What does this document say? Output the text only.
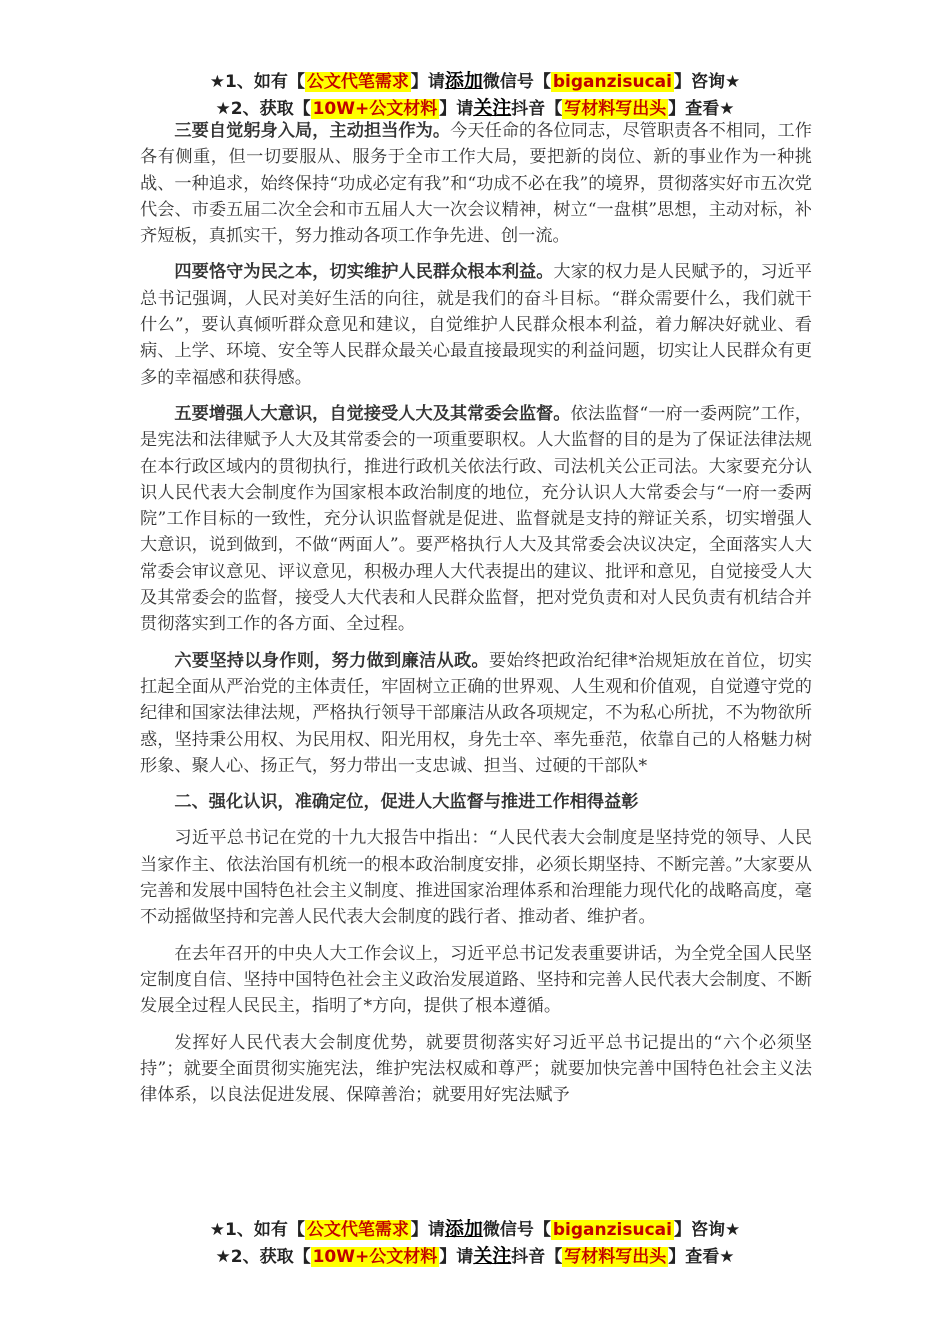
★1、如有【 公文代笔需求 】请添加微信号【 biganzisucai 】咨询★
★2、获取【 10W+公文材料 】请关注抖音【 写材料写出头 】查看★

三要自觉躬身入局，主动担当作为。今天任命的各位同志，尽管职责各不相同，工作各有侧重，但一切要服从、服务于全市工作大局，要把新的岗位、新的事业作为一种挑战、一种追求，始终保持“功成必定有我”和“功成不必在我”的境界，贯彻落实好市五次党代会、市委五届二次全会和市五届人大一次会议精神，树立“一盘棋”思想，主动对标，补齐短板，真抓实干，努力推动各项工作争先进、创一流。

四要恪守为民之本，切实维护人民群众根本利益。大家的权力是人民赋予的，习近平总书记强调，人民对美好生活的向往，就是我们的奋斗目标。“群众需要什么，我们就干什么”，要认真倾听群众意见和建议，自觉维护人民群众根本利益，着力解决好就业、看病、上学、环境、安全等人民群众最关心最直接最现实的利益问题，切实让人民群众有更多的幸福感和获得感。

五要增强人大意识，自觉接受人大及其常委会监督。依法监督“一府一委两院”工作，是宪法和法律赋予人大及其常委会的一项重要职权。人大监督的目的是为了保证法律法规在本行政区域内的贯彻执行，推进行政机关依法行政、司法机关公正司法。大家要充分认识人民代表大会制度作为国家根本政治制度的地位，充分认识人大常委会与“一府一委两院”工作目标的一致性，充分认识监督就是促进、监督就是支持的辩证关系，切实增强人大意识，说到做到，不做“两面人”。要严格执行人大及其常委会决议决定，全面落实人大常委会审议意见、评议意见，积极办理人大代表提出的建议、批评和意见，自觉接受人大及其常委会的监督，接受人大代表和人民群众监督，把对党负责和对人民负责有机结合并贯彻落实到工作的各方面、全过程。

六要坚持以身作则，努力做到廉洁从政。要始终把政治纪律*治规矩放在首位，切实扛起全面从严治党的主体责任，牢固树立正确的世界观、人生观和价值观，自觉遵守党的纪律和国家法律法规，严格执行领导干部廉洁从政各项规定，不为私心所扰，不为物欲所惑，坚持秉公用权、为民用权、阳光用权，身先士卒、率先垂范，依靠自己的人格魅力树形象、聚人心、扬正气，努力带出一支忠诚、担当、过硬的干部队*

二、强化认识，准确定位，促进人大监督与推进工作相得益彰

习近平总书记在党的十九大报告中指出：“人民代表大会制度是坚持党的领导、人民当家作主、依法治国有机统一的根本政治制度安排，必须长期坚持、不断完善。”大家要从完善和发展中国特色社会主义制度、推进国家治理体系和治理能力现代化的战略高度，毫不动摇做坚持和完善人民代表大会制度的践行者、推动者、维护者。

在去年召开的中央人大工作会议上，习近平总书记发表重要讲话，为全党全国人民坚定制度自信、坚持中国特色社会主义政治发展道路、坚持和完善人民代表大会制度、不断发展全过程人民民主，指明了*方向，提供了根本遵循。

发挥好人民代表大会制度优势，就要贯彻落实好习近平总书记提出的“六个必须坚持”；就要全面贯彻实施宪法，维护宪法权威和尊严；就要加快完善中国特色社会主义法律体系，以良法促进发展、保障善治；就要用好宪法赋予

★1、如有【 公文代笔需求 】请添加微信号【 biganzisucai 】咨询★
★2、获取【 10W+公文材料 】请关注抖音【 写材料写出头 】查看★
